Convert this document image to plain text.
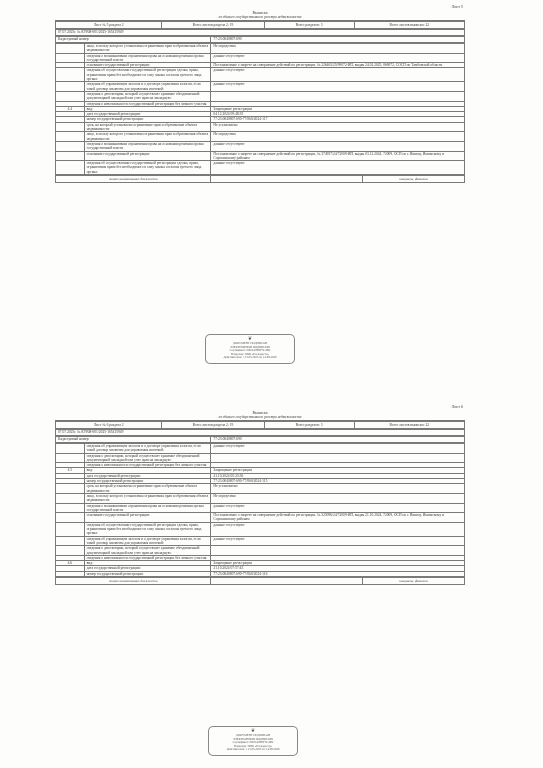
Лист 5
Выписка
из единого государственного реестра недвижимости
Лист № 5 раздела 2	Всего листов раздела 2: 19	Всего разделов: 3	Всего листов выписки: 22
07.07.2025г. № КУВИ-001/2025-165415949
Кадастровый номер:	77:23:0040807:690
	лицо, в пользу которого установлены ограничения прав и обременения объекта недвижимости:	Не определено
	сведения о возникновении ограничения права на основании решения органа государственной власти	данные отсутствуют
	основание государственной регистрации:	Постановление о запрете на совершение действий по регистрации, № 226463/25/99072-ИП, выдан 24.02.2025, 066972, СОСП по Тамбовской области
	сведения об осуществлении государственной регистрации сделки, права, ограничения права без необходимого в силу закона согласия третьего лица, органа:	данные отсутствуют
	сведения об управляющем залогом и о договоре управления залогом, если такой договор заключен для управления ипотекой:	данные отсутствуют
	сведения о депозитарии, который осуществляет хранение обездвиженной документарной закладной или учет прав на закладную:	
	сведения о невозможности государственной регистрации без личного участия:	
4.4	вид:	Запрещение регистрации
	дата государственной регистрации:	04.12.2024 09:48:35
	номер государственной регистрации:	77:23:0040807:690-77/060/2024-117
	срок, на который установлено ограничение прав и обременение объекта недвижимости:	Не установлено
	лицо, в пользу которого установлены ограничения прав и обременения объекта недвижимости:	Не определено
	сведения о возникновении ограничения права на основании решения органа государственной власти	данные отсутствуют
	основание государственной регистрации:	Постановление о запрете на совершение действий по регистрации, № 374957/24/72009-ИП, выдан 03.12.2024, 72009, ОСП по г. Ишиму, Ишимскому и Сорокинскому районам
	сведения об осуществлении государственной регистрации сделки, права, ограничения права без необходимого в силу закона согласия третьего лица, органа:	данные отсутствуют
полное наименование должности		инициалы, фамилия
❦
ДОКУМЕНТ ПОДПИСАН
ЭЛЕКТРОННОЙ ПОДПИСЬЮ
Сертификат: 00D1A8E0F3C4B2
Владелец: ППК «Роскадастр»
Действителен: с 21.05.2025 по 14.08.2026
Лист 6
Выписка
из единого государственного реестра недвижимости
Лист № 6 раздела 2	Всего листов раздела 2: 19	Всего разделов: 3	Всего листов выписки: 22
07.07.2025г. № КУВИ-001/2025-165415949
Кадастровый номер:	77:23:0040807:690
	сведения об управляющем залогом и о договоре управления залогом, если такой договор заключен для управления ипотекой:	данные отсутствуют
	сведения о депозитарии, который осуществляет хранение обездвиженной документарной закладной или учет прав на закладную:	
	сведения о невозможности государственной регистрации без личного участия:	
4.5	вид:	Запрещение регистрации
	дата государственной регистрации:	21.10.2024 05:23:36
	номер государственной регистрации:	77:23:0040807:690-77/060/2024-115
	срок, на который установлено ограничение прав и обременение объекта недвижимости:	Не установлено
	лицо, в пользу которого установлены ограничения прав и обременения объекта недвижимости:	Не определено
	сведения о возникновении ограничения права на основании решения органа государственной власти	данные отсутствуют
	основание государственной регистрации:	Постановление о запрете на совершение действий по регистрации, № 325096/24/72009-ИП, выдан 21.10.2024, 72009, ОСП по г. Ишиму, Ишимскому и Сорокинскому районам
	сведения об осуществлении государственной регистрации сделки, права, ограничения права без необходимого в силу закона согласия третьего лица, органа:	данные отсутствуют
	сведения об управляющем залогом и о договоре управления залогом, если такой договор заключен для управления ипотекой:	данные отсутствуют
	сведения о депозитарии, который осуществляет хранение обездвиженной документарной закладной или учет прав на закладную:	
	сведения о невозможности государственной регистрации без личного участия:	
4.6	вид:	Запрещение регистрации
	дата государственной регистрации:	21.10.2024 07:57:43
	номер государственной регистрации:	77:23:0040807:690-77/060/2024-116
полное наименование должности		инициалы, фамилия
❦
ДОКУМЕНТ ПОДПИСАН
ЭЛЕКТРОННОЙ ПОДПИСЬЮ
Сертификат: 00D1A8E0F3C4B2
Владелец: ППК «Роскадастр»
Действителен: с 21.05.2025 по 14.08.2026
